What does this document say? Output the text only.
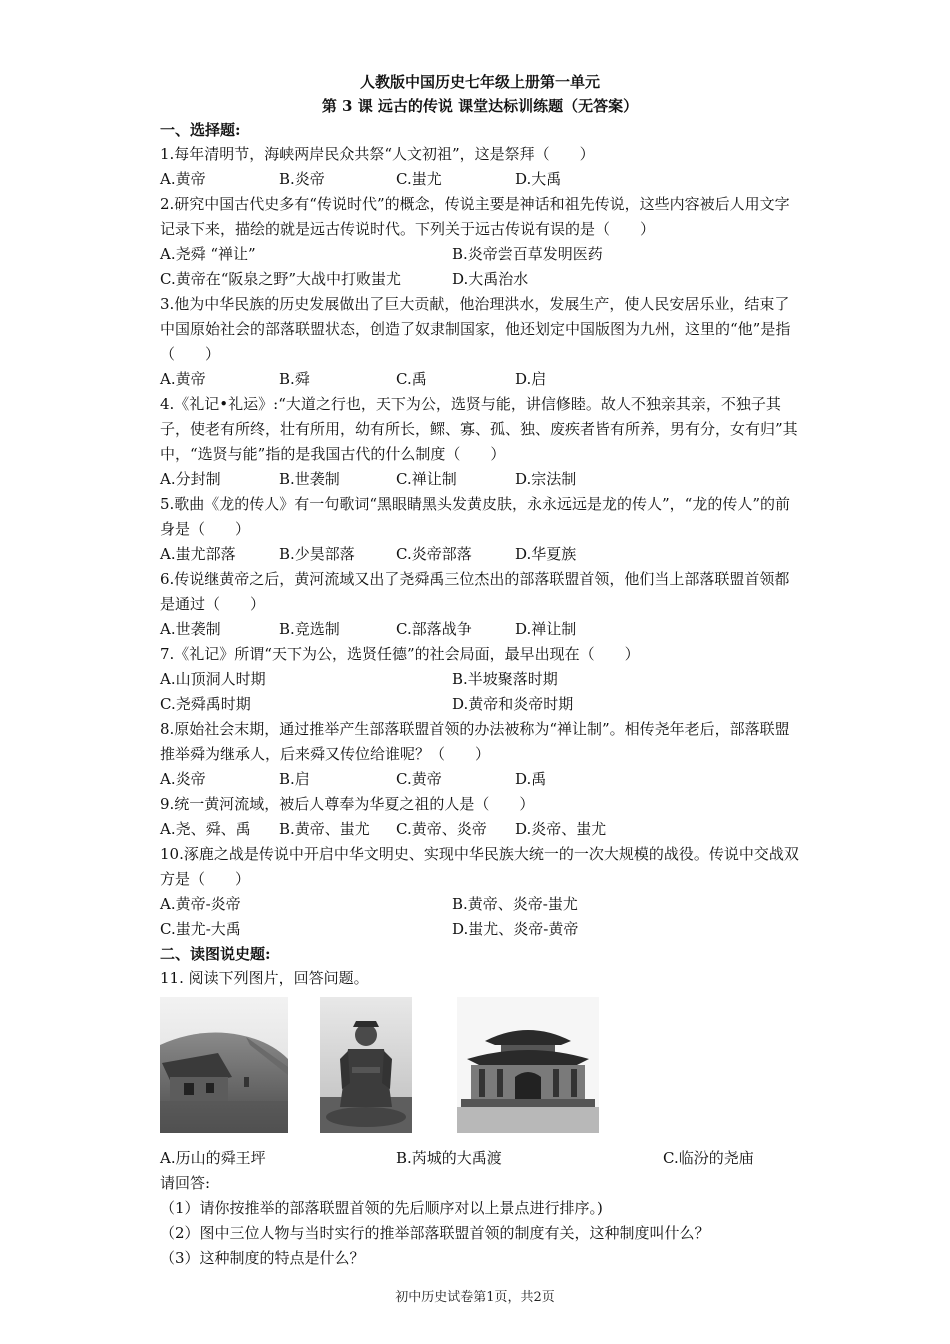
人教版中国历史七年级上册第一单元
第 3 课 远古的传说 课堂达标训练题（无答案）
一、选择题:
1.每年清明节，海峡两岸民众共祭“人文初祖”，这是祭拜（　　）
A.黄帝	B.炎帝	C.蚩尤	D.大禹
2.研究中国古代史多有“传说时代”的概念，传说主要是神话和祖先传说，这些内容被后人用文字记录下来，描绘的就是远古传说时代。下列关于远古传说有误的是（　　）
A.尧舜 “禅让”	B.炎帝尝百草发明医药
C.黄帝在“阪泉之野”大战中打败蚩尤	D.大禹治水
3.他为中华民族的历史发展做出了巨大贡献，他治理洪水，发展生产，使人民安居乐业，结束了中国原始社会的部落联盟状态，创造了奴隶制国家，他还划定中国版图为九州，这里的“他”是指（　　）
A.黄帝	B.舜	C.禹	D.启
4.《礼记•礼运》:“大道之行也，天下为公，选贤与能，讲信修睦。故人不独亲其亲，不独子其子，使老有所终，壮有所用，幼有所长，鳏、寡、孤、独、废疾者皆有所养，男有分，女有归”其中，“选贤与能”指的是我国古代的什么制度（　　）
A.分封制	B.世袭制	C.禅让制	D.宗法制
5.歌曲《龙的传人》有一句歌词“黑眼睛黑头发黄皮肤，永永远远是龙的传人”，“龙的传人”的前身是（　　）
A.蚩尤部落	B.少昊部落	C.炎帝部落	D.华夏族
6.传说继黄帝之后，黄河流域又出了尧舜禹三位杰出的部落联盟首领，他们当上部落联盟首领都是通过（　　）
A.世袭制	B.竞选制	C.部落战争	D.禅让制
7.《礼记》所谓“天下为公，选贤任德”的社会局面，最早出现在（　　）
A.山顶洞人时期	B.半坡聚落时期
C.尧舜禹时期	D.黄帝和炎帝时期
8.原始社会末期，通过推举产生部落联盟首领的办法被称为“禅让制”。相传尧年老后，部落联盟推举舜为继承人，后来舜又传位给谁呢？（　　）
A.炎帝	B.启	C.黄帝	D.禹
9.统一黄河流域，被后人尊奉为华夏之祖的人是（　　）
A.尧、舜、禹	B.黄帝、蚩尤	C.黄帝、炎帝	D.炎帝、蚩尤
10.涿鹿之战是传说中开启中华文明史、实现中华民族大统一的一次大规模的战役。传说中交战双方是（　　）
A.黄帝-炎帝	B.黄帝、炎帝-蚩尤
C.蚩尤-大禹	D.蚩尤、炎帝-黄帝
二、读图说史题:
11. 阅读下列图片，回答问题。
A.历山的舜王坪	B.芮城的大禹渡	C.临汾的尧庙
请回答:
（1）请你按推举的部落联盟首领的先后顺序对以上景点进行排序。)
（2）图中三位人物与当时实行的推举部落联盟首领的制度有关，这种制度叫什么？
（3）这种制度的特点是什么？
初中历史试卷第1页，共2页
